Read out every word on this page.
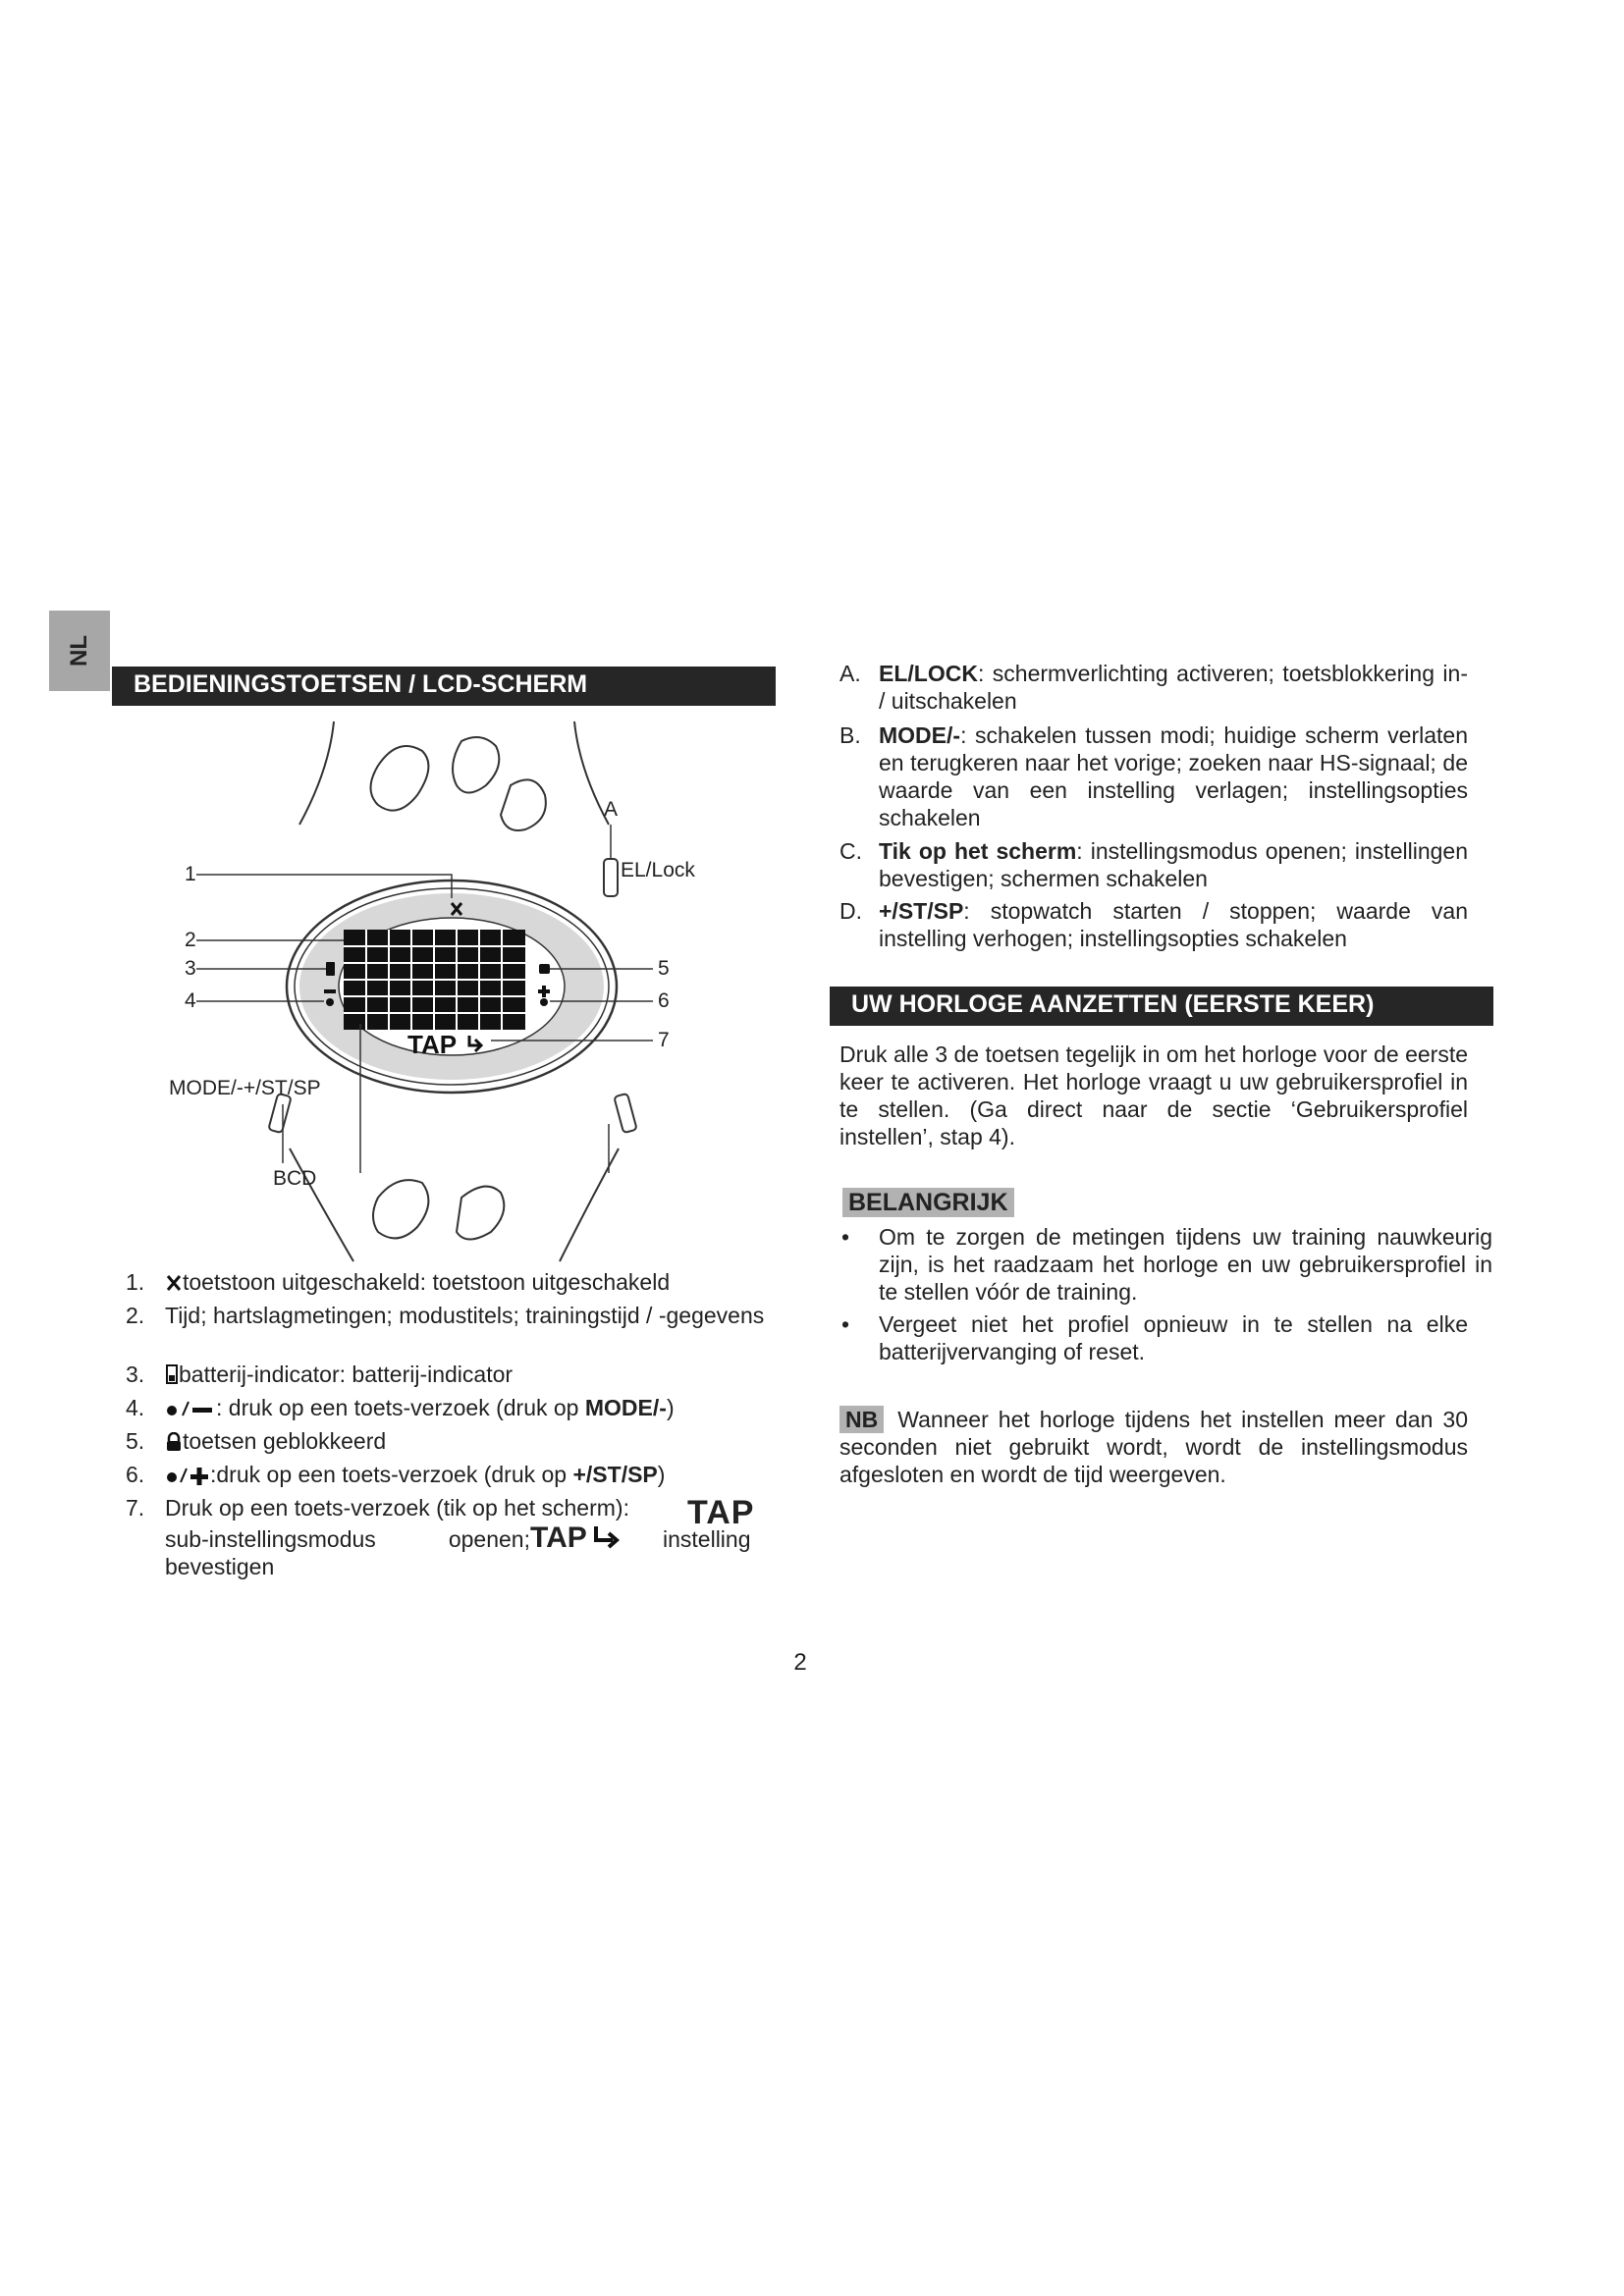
NL
BEDIENINGSTOETSEN / LCD-SCHERM
TAP
1
2
3
4
5
6
7
A
EL/Lock
MODE/-+/ST/SP
BCD
1.	toetstoon uitgeschakeld: toetstoon uitgeschakeld
2. Tijd; hartslagmetingen; modustitels; trainingstijd / -gegevens
3.	batterij-indicator: batterij-indicator
4.	: druk op een toets-verzoek (druk op MODE/-)
5.	toetsen geblokkeerd
6.	:druk op een toets-verzoek (druk op +/ST/SP)
7. Druk op een toets-verzoek (tik op het scherm):	TAP
sub-instellingsmodus openen; TAP	instelling
bevestigen
A. EL/LOCK: schermverlichting activeren; toetsblokkering in- / uitschakelen
B. MODE/-: schakelen tussen modi; huidige scherm verlaten en terugkeren naar het vorige; zoeken naar HS-signaal; de waarde van een instelling verlagen; instellingsopties schakelen
C. Tik op het scherm: instellingsmodus openen; instellingen bevestigen; schermen schakelen
D. +/ST/SP: stopwatch starten / stoppen; waarde van instelling verhogen; instellingsopties schakelen
UW HORLOGE AANZETTEN (EERSTE KEER)
Druk alle 3 de toetsen tegelijk in om het horloge voor de eerste keer te activeren. Het horloge vraagt u uw gebruikersprofiel in te stellen. (Ga direct naar de sectie ‘Gebruikersprofiel instellen’, stap 4).
BELANGRIJK
• Om te zorgen de metingen tijdens uw training nauwkeurig zijn, is het raadzaam het horloge en uw gebruikersprofiel in te stellen vóór de training.
• Vergeet niet het profiel opnieuw in te stellen na elke batterijvervanging of reset.
NB Wanneer het horloge tijdens het instellen meer dan 30 seconden niet gebruikt wordt, wordt de instellingsmodus afgesloten en wordt de tijd weergeven.
2
